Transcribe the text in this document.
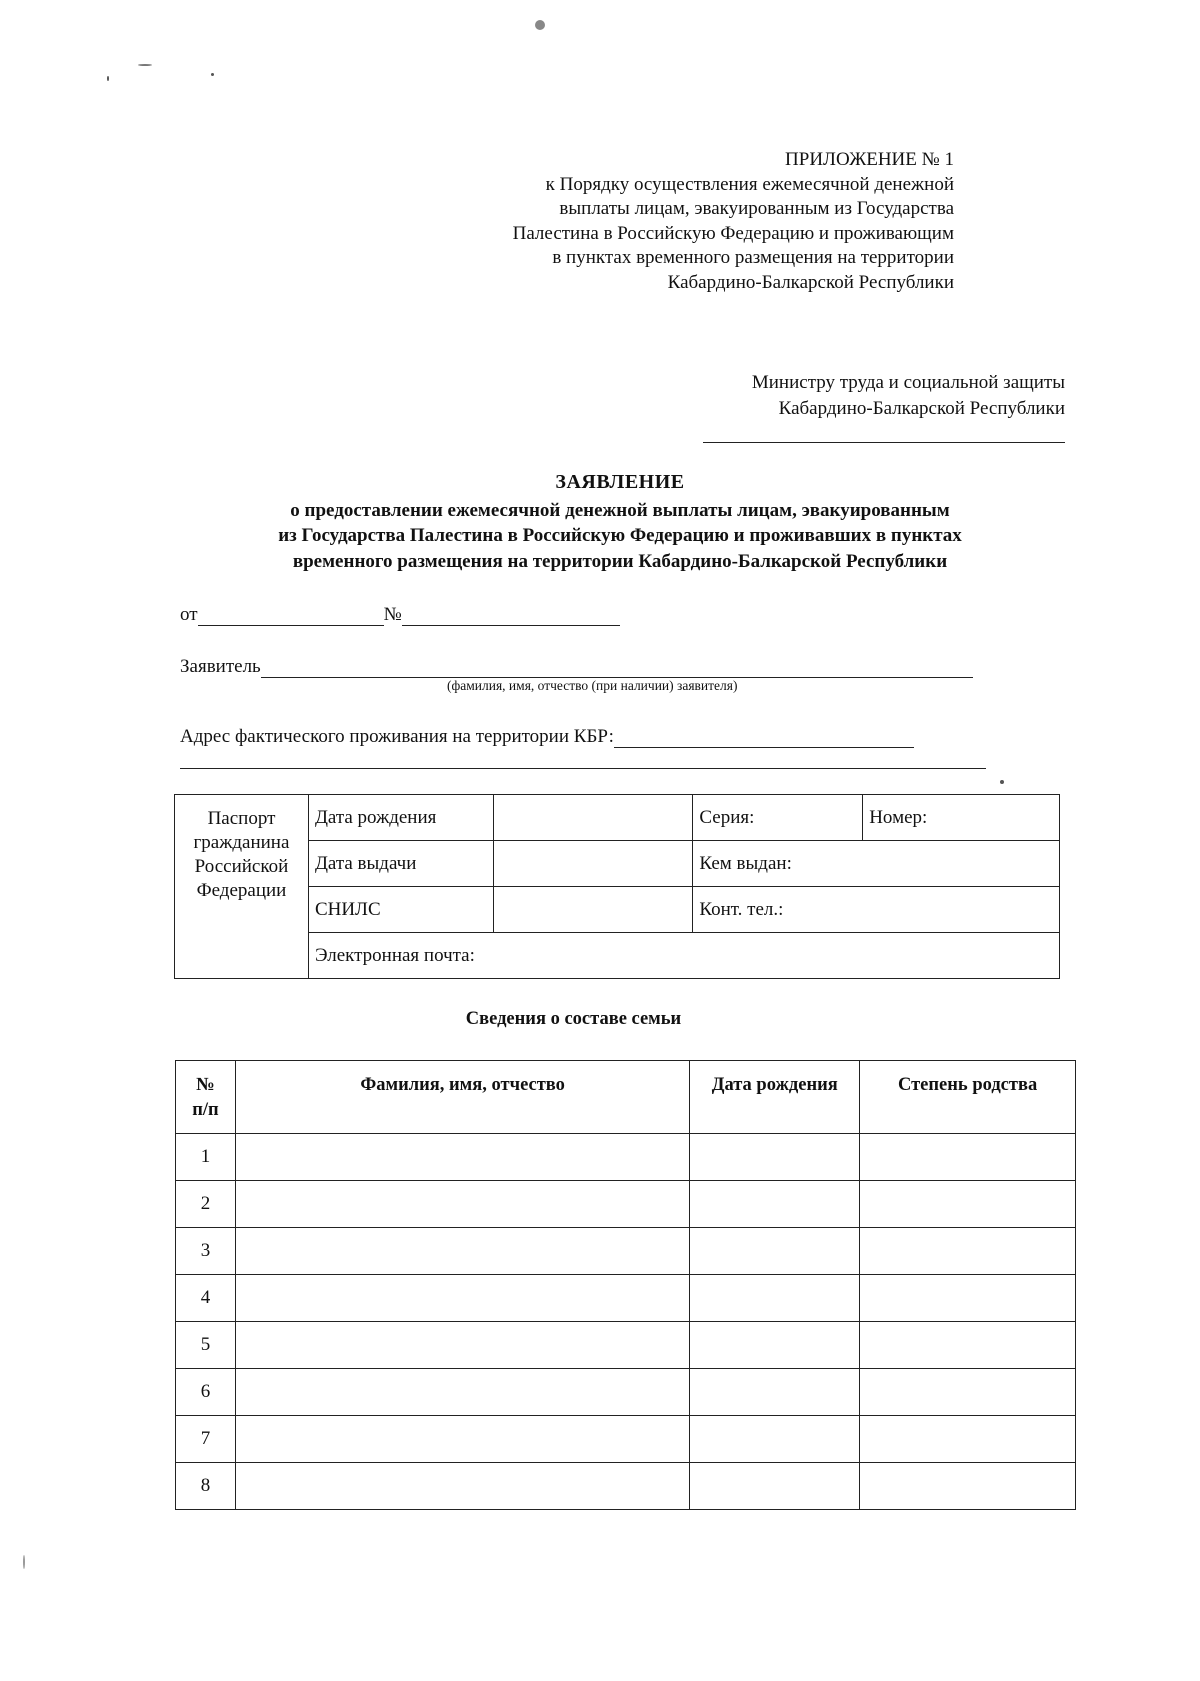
ПРИЛОЖЕНИЕ № 1
к Порядку осуществления ежемесячной денежной
выплаты лицам, эвакуированным из Государства
Палестина в Российскую Федерацию и проживающим
в пунктах временного размещения на территории
Кабардино-Балкарской Республики
Министру труда и социальной защиты
Кабардино-Балкарской Республики
ЗАЯВЛЕНИЕ
о предоставлении ежемесячной денежной выплаты лицам, эвакуированным
из Государства Палестина в Российскую Федерацию и проживавших в пунктах
временного размещения на территории Кабардино-Балкарской Республики
от	№
Заявитель
(фамилия, имя, отчество (при наличии) заявителя)
Адрес фактического проживания на территории КБР:
Паспорт
гражданина
Российской
Федерации	Дата рождения		Серия:	Номер:
	Дата выдачи		Кем выдан:	
	СНИЛС		Конт. тел.:	
	Электронная почта:			
Сведения о составе семьи
№
п/п	Фамилия, имя, отчество	Дата рождения	Степень родства
1			
2			
3			
4			
5			
6			
7			
8			
